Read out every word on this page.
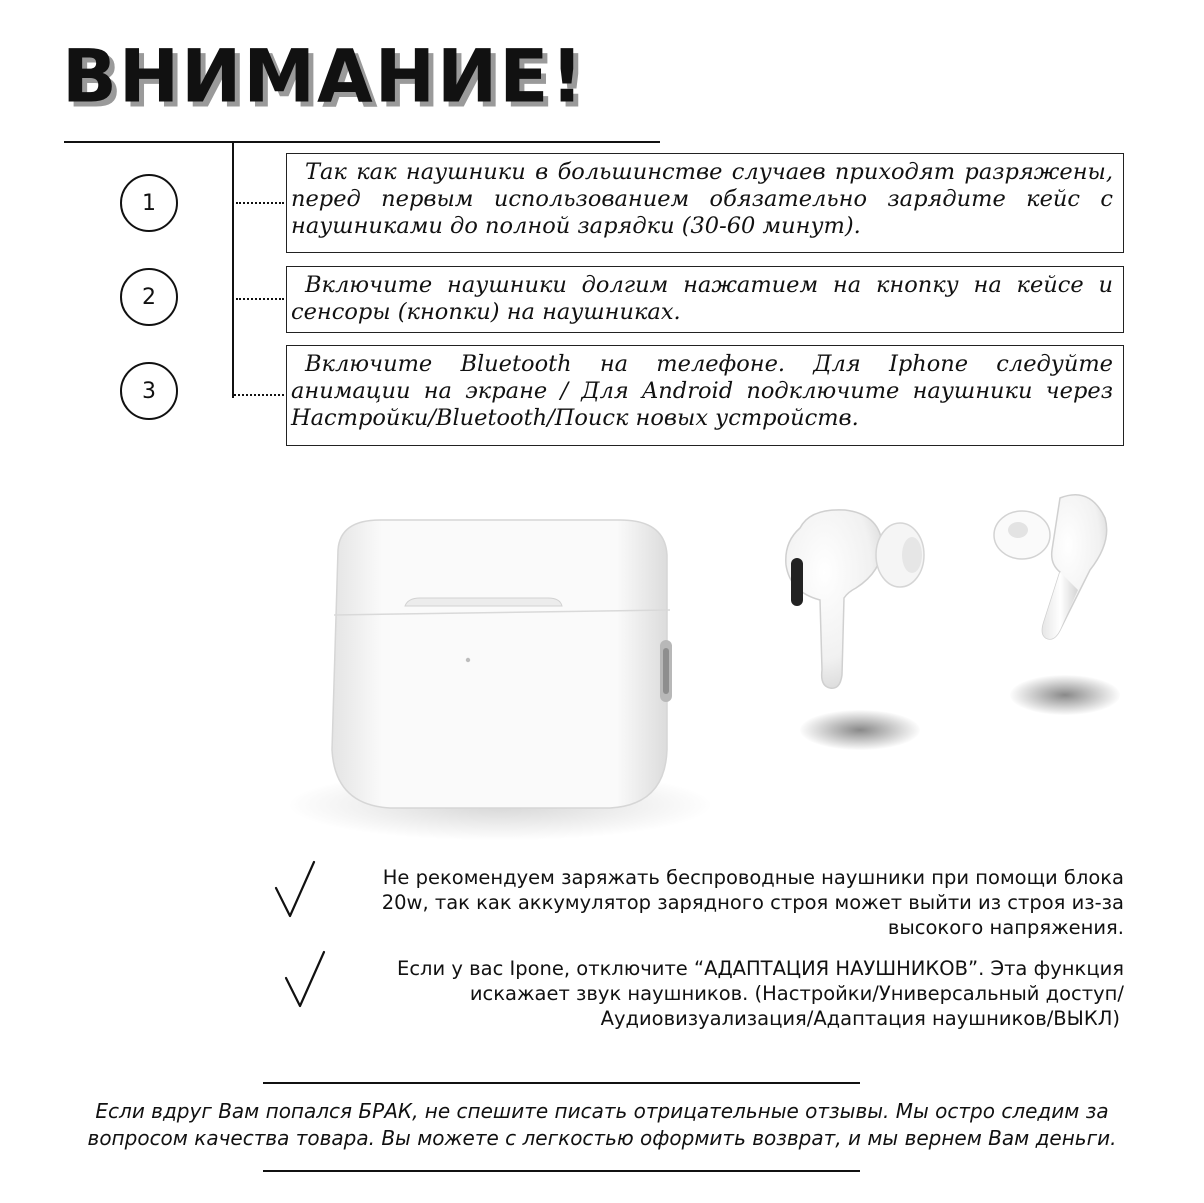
ВНИМАНИЕ!
1
Так как наушники в большинстве случаев приходят разряжены, перед первым использованием обязательно зарядите кейс с наушниками до полной зарядки (30-60 минут).
2	Включите наушники долгим нажатием на кнопку на кейсе и сенсоры (кнопки) на наушниках.
3
Включите Bluetooth на телефоне. Для Iphone следуйте анимации на экране / Для Android подключите наушники через Настройки/Bluetooth/Поиск новых устройств.
Не рекомендуем заряжать беспроводные наушники при помощи блока
20w, так как аккумулятор зарядного строя может выйти из строя из-за
высокого напряжения.
Если у вас Ipone, отключите “АДАПТАЦИЯ НАУШНИКОВ”. Эта функция
искажает звук наушников. (Настройки/Универсальный доступ/
Аудиовизуализация/Адаптация наушников/ВЫКЛ)
Если вдруг Вам попался БРАК, не спешите писать отрицательные отзывы. Мы остро следим за
вопросом качества товара. Вы можете с легкостью оформить возврат, и мы вернем Вам деньги.
